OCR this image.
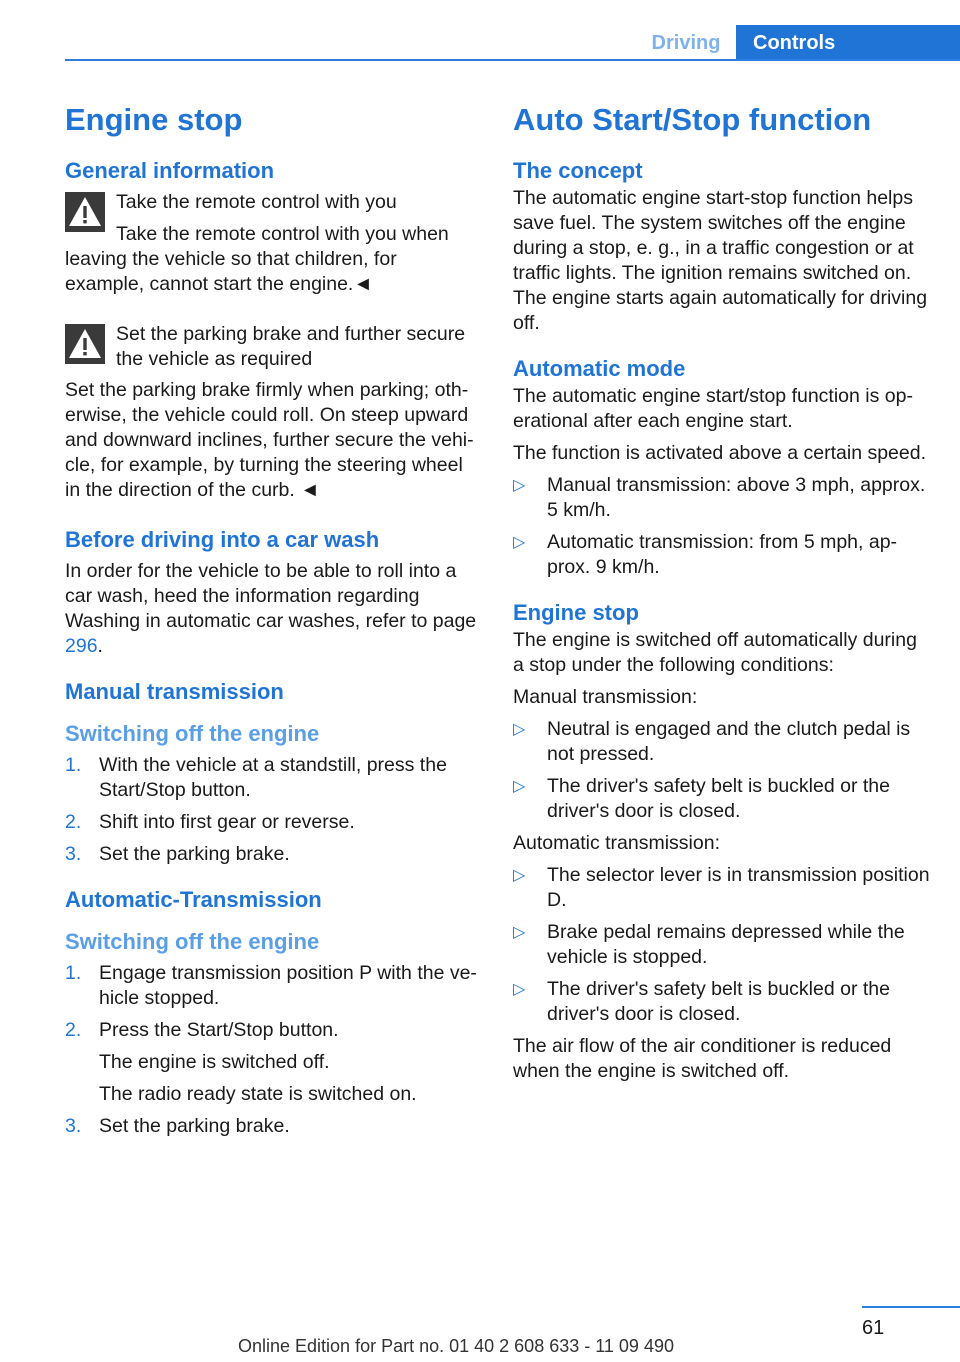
Driving	Controls
Engine stop
General information
Take the remote control with you
Take the remote control with you when
leaving the vehicle so that children, for example, cannot start the engine.◄
Set the parking brake and further secure the vehicle as required
Set the parking brake firmly when parking; oth‐erwise, the vehicle could roll. On steep upward and downward inclines, further secure the vehi‐cle, for example, by turning the steering wheel in the direction of the curb. ◄
Before driving into a car wash

In order for the vehicle to be able to roll into a car wash, heed the information regarding Washing in automatic car washes, refer to page 296.

Manual transmission
Switching off the engine
1. With the vehicle at a standstill, press the Start/Stop button.
2. Shift into first gear or reverse.
3. Set the parking brake.
Automatic-Transmission
Switching off the engine
1. Engage transmission position P with the ve‐hicle stopped.
2. Press the Start/Stop button.
The engine is switched off.
The radio ready state is switched on.
3. Set the parking brake.
Auto Start/Stop function
The concept

The automatic engine start‐stop function helps save fuel. The system switches off the engine during a stop, e. g., in a traffic congestion or at traffic lights. The ignition remains switched on. The engine starts again automatically for driving off.

Automatic mode

The automatic engine start/stop function is op‐erational after each engine start.

The function is activated above a certain speed.

▷ Manual transmission: above 3 mph, approx. 5 km/h.
▷ Automatic transmission: from 5 mph, ap‐prox. 9 km/h.
Engine stop

The engine is switched off automatically during a stop under the following conditions:

Manual transmission:

▷ Neutral is engaged and the clutch pedal is not pressed.
▷ The driver's safety belt is buckled or the driver's door is closed.

Automatic transmission:

▷ The selector lever is in transmission position D.
▷ Brake pedal remains depressed while the vehicle is stopped.
▷ The driver's safety belt is buckled or the driver's door is closed.

The air flow of the air conditioner is reduced when the engine is switched off.

61
Online Edition for Part no. 01 40 2 608 633 - 11 09 490
